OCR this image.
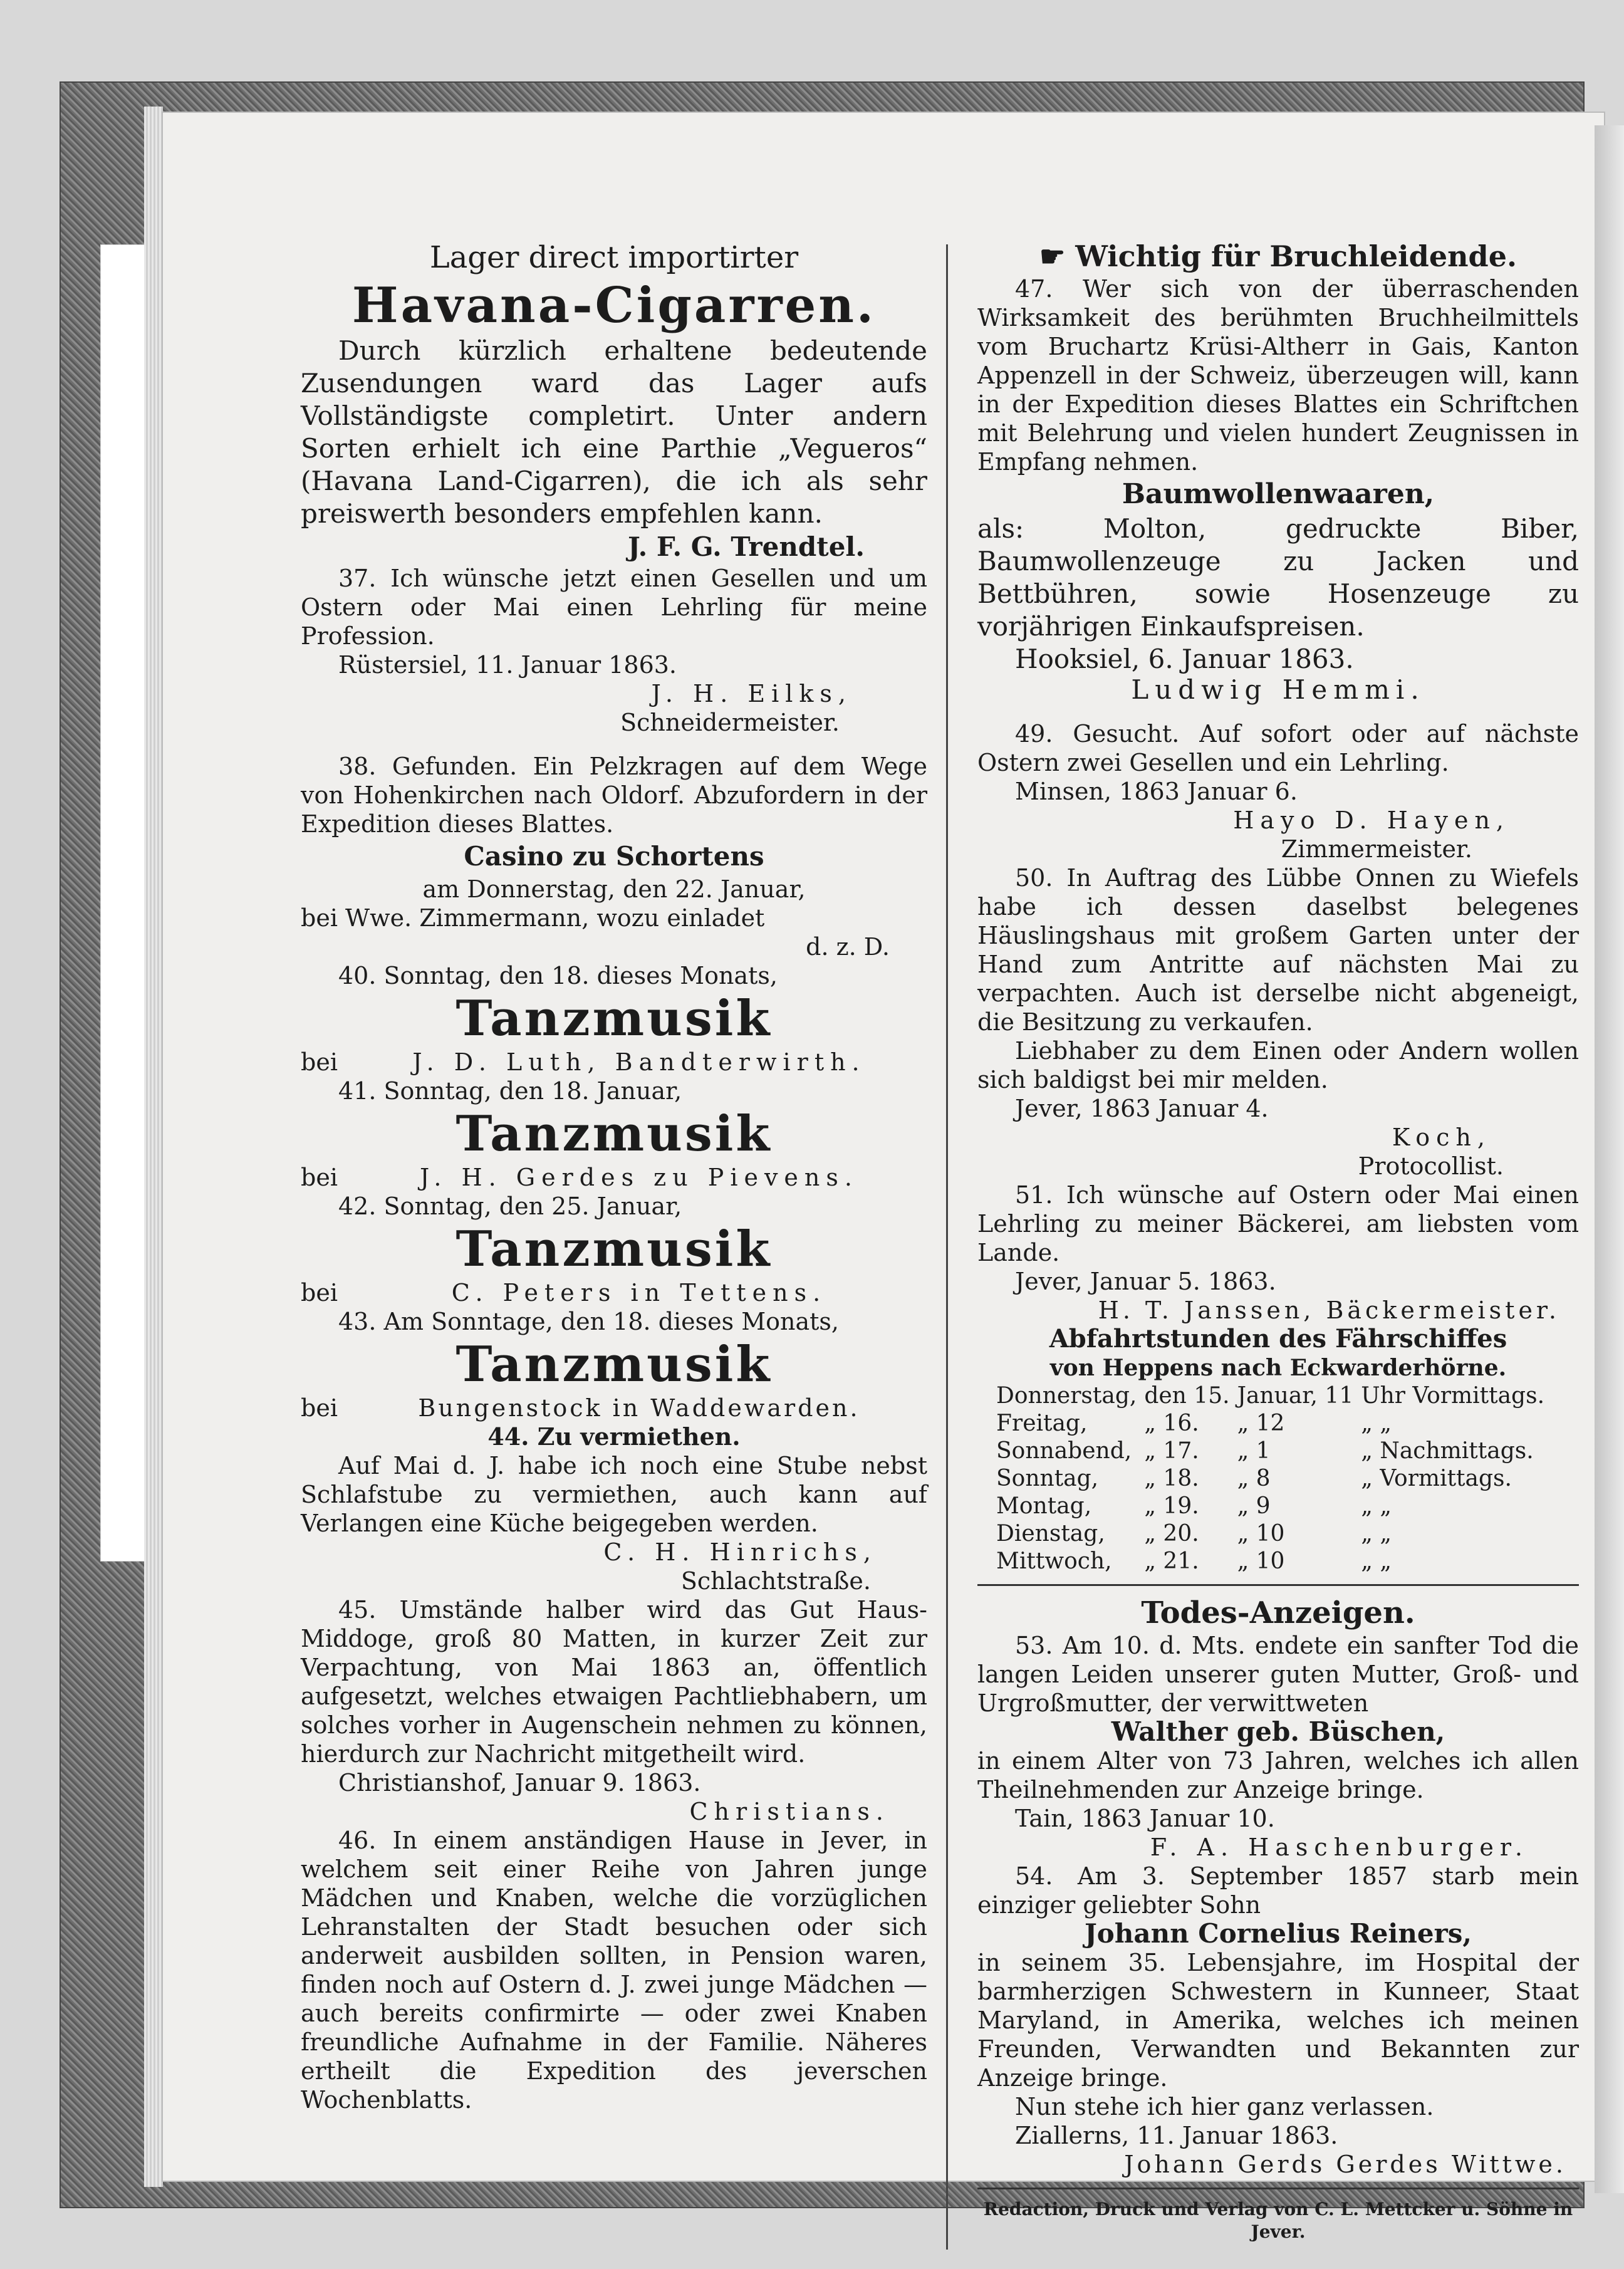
Lager direct importirter

Havana-Cigarren.

Durch kürzlich erhaltene bedeutende Zusendungen ward das Lager aufs Vollständigste completirt. Unter andern Sorten erhielt ich eine Parthie „Vegueros“ (Havana Land-Cigarren), die ich als sehr preiswerth besonders empfehlen kann.

J. F. G. Trendtel.

37. Ich wünsche jetzt einen Gesellen und um Ostern oder Mai einen Lehrling für meine Profession.

Rüstersiel, 11. Januar 1863.

J. H. Eilks,

Schneidermeister.

38. Gefunden. Ein Pelzkragen auf dem Wege von Hohenkirchen nach Oldorf. Abzufordern in der Expedition dieses Blattes.

Casino zu Schortens

am Donnerstag, den 22. Januar,

bei Wwe. Zimmermann, wozu einladet

d. z. D.

40. Sonntag, den 18. dieses Monats,

Tanzmusik

bei	J. D. Luth, Bandterwirth.

41. Sonntag, den 18. Januar,

Tanzmusik

bei	J. H. Gerdes zu Pievens.

42. Sonntag, den 25. Januar,

Tanzmusik

bei	C. Peters in Tettens.

43. Am Sonntage, den 18. dieses Monats,

Tanzmusik

bei	Bungenstock in Waddewarden.

44. Zu vermiethen.

Auf Mai d. J. habe ich noch eine Stube nebst Schlafstube zu vermiethen, auch kann auf Verlangen eine Küche beigegeben werden.

C. H. Hinrichs,

Schlachtstraße.

45. Umstände halber wird das Gut Haus-Middoge, groß 80 Matten, in kurzer Zeit zur Verpachtung, von Mai 1863 an, öffentlich aufgesetzt, welches etwaigen Pachtliebhabern, um solches vorher in Augenschein nehmen zu können, hierdurch zur Nachricht mitgetheilt wird.

Christianshof, Januar 9. 1863.

Christians.

46. In einem anständigen Hause in Jever, in welchem seit einer Reihe von Jahren junge Mädchen und Knaben, welche die vorzüglichen Lehranstalten der Stadt besuchen oder sich anderweit ausbilden sollten, in Pension waren, finden noch auf Ostern d. J. zwei junge Mädchen — auch bereits confirmirte — oder zwei Knaben freundliche Aufnahme in der Familie. Näheres ertheilt die Expedition des jeverschen Wochenblatts.

☛ Wichtig für Bruchleidende.

47. Wer sich von der überraschenden Wirksamkeit des berühmten Bruchheilmittels vom Bruchartz Krüsi-Altherr in Gais, Kanton Appenzell in der Schweiz, überzeugen will, kann in der Expedition dieses Blattes ein Schriftchen mit Belehrung und vielen hundert Zeugnissen in Empfang nehmen.

Baumwollenwaaren,

als: Molton, gedruckte Biber, Baumwollenzeuge zu Jacken und Bettbühren, sowie Hosenzeuge zu vorjährigen Einkaufspreisen.

Hooksiel, 6. Januar 1863.

Ludwig Hemmi.

49. Gesucht. Auf sofort oder auf nächste Ostern zwei Gesellen und ein Lehrling.

Minsen, 1863 Januar 6.

Hayo D. Hayen,

Zimmermeister.

50. In Auftrag des Lübbe Onnen zu Wiefels habe ich dessen daselbst belegenes Häuslingshaus mit großem Garten unter der Hand zum Antritte auf nächsten Mai zu verpachten. Auch ist derselbe nicht abgeneigt, die Besitzung zu verkaufen.

Liebhaber zu dem Einen oder Andern wollen sich baldigst bei mir melden.

Jever, 1863 Januar 4.

Koch,

Protocollist.

51. Ich wünsche auf Ostern oder Mai einen Lehrling zu meiner Bäckerei, am liebsten vom Lande.

Jever, Januar 5. 1863.

H. T. Janssen, Bäckermeister.

Abfahrtstunden des Fährschiffes

von Heppens nach Eckwarderhörne.

Donnerstag,	den 15.	Januar, 11	Uhr Vormittags.
Freitag,	„ 16.	„ 12	„ „
Sonnabend,	„ 17.	„ 1	„ Nachmittags.
Sonntag,	„ 18.	„ 8	„ Vormittags.
Montag,	„ 19.	„ 9	„ „
Dienstag,	„ 20.	„ 10	„ „
Mittwoch,	„ 21.	„ 10	„ „

Todes-Anzeigen.

53. Am 10. d. Mts. endete ein sanfter Tod die langen Leiden unserer guten Mutter, Groß- und Urgroßmutter, der verwittweten

Walther geb. Büschen,

in einem Alter von 73 Jahren, welches ich allen Theilnehmenden zur Anzeige bringe.

Tain, 1863 Januar 10.

F. A. Haschenburger.

54. Am 3. September 1857 starb mein einziger geliebter Sohn

Johann Cornelius Reiners,

in seinem 35. Lebensjahre, im Hospital der barmherzigen Schwestern in Kunneer, Staat Maryland, in Amerika, welches ich meinen Freunden, Verwandten und Bekannten zur Anzeige bringe.

Nun stehe ich hier ganz verlassen.

Ziallerns, 11. Januar 1863.

Johann Gerds Gerdes Wittwe.

Redaction, Druck und Verlag von C. L. Mettcker u. Söhne in Jever.
